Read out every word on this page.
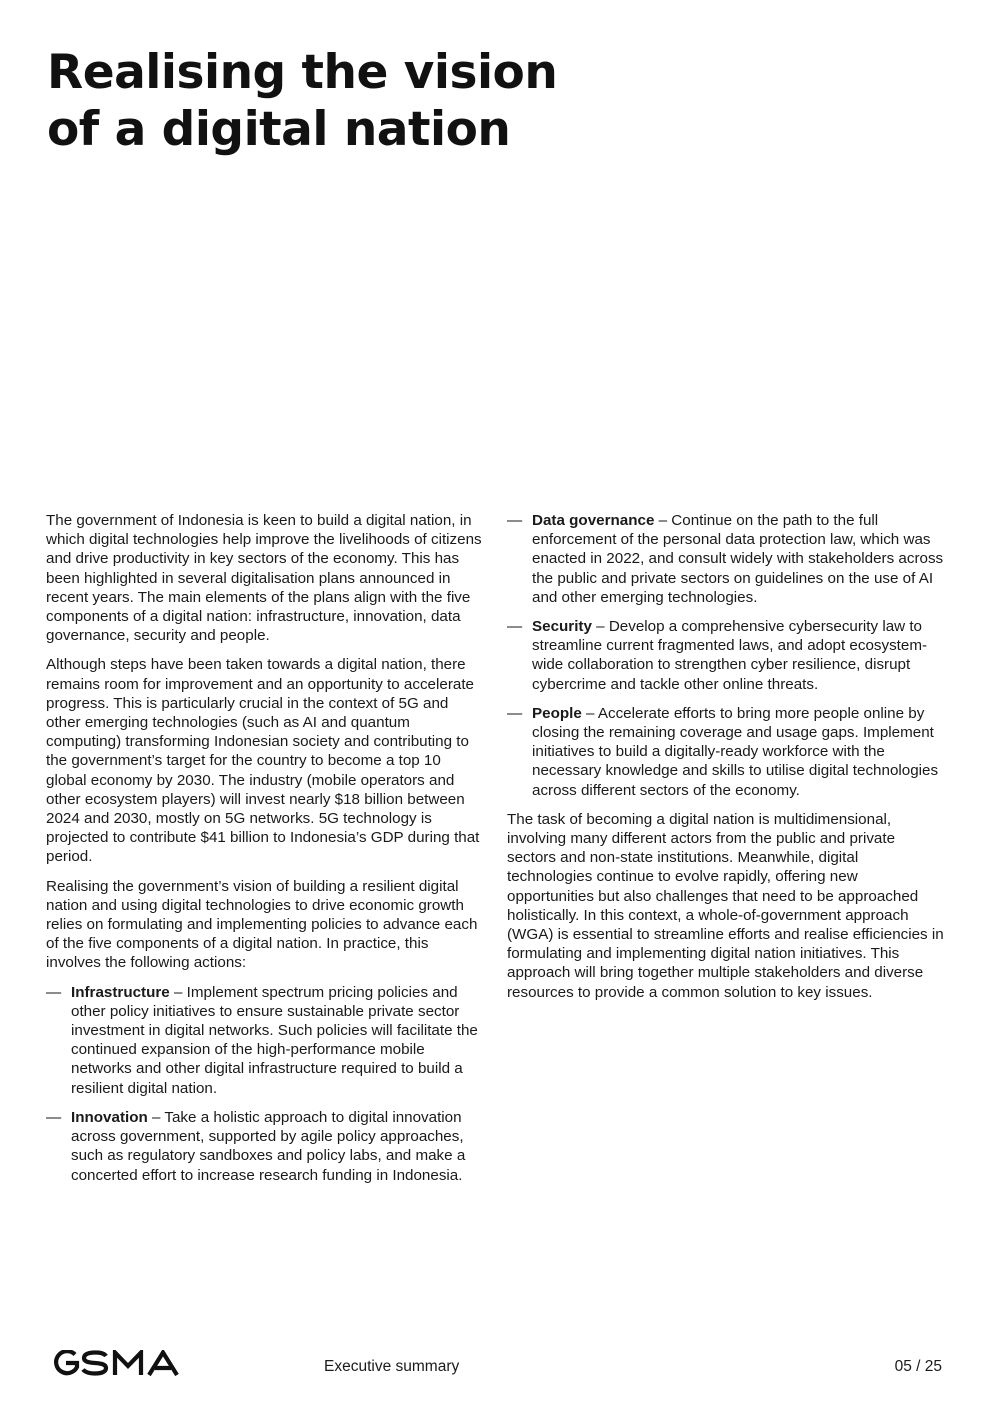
Realising the vision
of a digital nation

The government of Indonesia is keen to build a digital nation, in which digital technologies help improve the livelihoods of citizens and drive productivity in key sectors of the economy. This has been highlighted in several digitalisation plans announced in recent years. The main elements of the plans align with the five components of a digital nation: infrastructure, innovation, data governance, security and people.

Although steps have been taken towards a digital nation, there remains room for improvement and an opportunity to accelerate progress. This is particularly crucial in the context of 5G and other emerging technologies (such as AI and quantum computing) transforming Indonesian society and contributing to the government’s target for the country to become a top 10 global economy by 2030. The industry (mobile operators and other ecosystem players) will invest nearly $18 billion between 2024 and 2030, mostly on 5G networks. 5G technology is projected to contribute $41 billion to Indonesia’s GDP during that period.

Realising the government’s vision of building a resilient digital nation and using digital technologies to drive economic growth relies on formulating and implementing policies to advance each of the five components of a digital nation. In practice, this involves the following actions:

— Infrastructure – Implement spectrum pricing policies and other policy initiatives to ensure sustainable private sector investment in digital networks. Such policies will facilitate the continued expansion of the high-performance mobile networks and other digital infrastructure required to build a resilient digital nation.
— Innovation – Take a holistic approach to digital innovation across government, supported by agile policy approaches, such as regulatory sandboxes and policy labs, and make a concerted effort to increase research funding in Indonesia.
— Data governance – Continue on the path to the full enforcement of the personal data protection law, which was enacted in 2022, and consult widely with stakeholders across the public and private sectors on guidelines on the use of AI and other emerging technologies.
— Security – Develop a comprehensive cybersecurity law to streamline current fragmented laws, and adopt ecosystem-wide collaboration to strengthen cyber resilience, disrupt cybercrime and tackle other online threats.
— People – Accelerate efforts to bring more people online by closing the remaining coverage and usage gaps. Implement initiatives to build a digitally-ready workforce with the necessary knowledge and skills to utilise digital technologies across different sectors of the economy.

The task of becoming a digital nation is multidimensional, involving many different actors from the public and private sectors and non-state institutions. Meanwhile, digital technologies continue to evolve rapidly, offering new opportunities but also challenges that need to be approached holistically. In this context, a whole-of-government approach (WGA) is essential to streamline efforts and realise efficiencies in formulating and implementing digital nation initiatives. This approach will bring together multiple stakeholders and diverse resources to provide a common solution to key issues.

Executive summary	05 / 25
